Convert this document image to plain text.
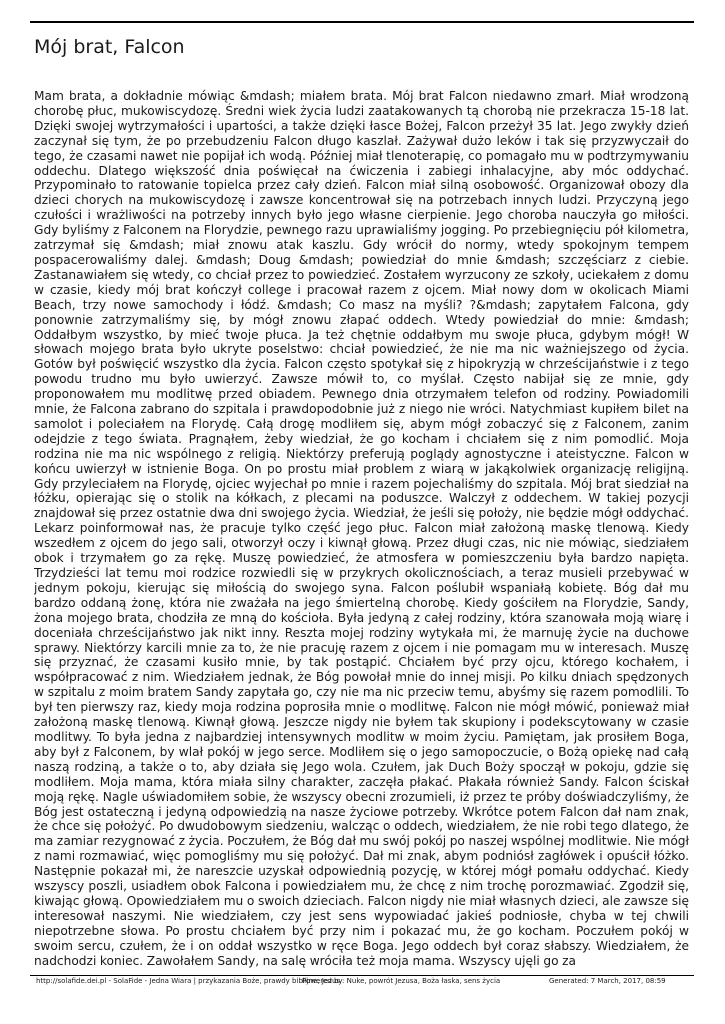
Mój brat, Falcon

Mam brata, a dokładnie mówiąc &mdash; miałem brata. Mój brat Falcon niedawno zmarł. Miał wrodzoną chorobę płuc, mukowiscydozę. Średni wiek życia ludzi zaatakowanych tą chorobą nie przekracza 15-18 lat. Dzięki swojej wytrzymałości i upartości, a także dzięki łasce Bożej, Falcon przeżył 35 lat. Jego zwykły dzień zaczynał się tym, że po przebudzeniu Falcon długo kaszlał. Zażywał dużo leków i tak się przyzwyczaił do tego, że czasami nawet nie popijał ich wodą. Później miał tlenoterapię, co pomagało mu w podtrzymywaniu oddechu. Dlatego większość dnia poświęcał na ćwiczenia i zabiegi inhalacyjne, aby móc oddychać. Przypominało to ratowanie topielca przez cały dzień. Falcon miał silną osobowość. Organizował obozy dla dzieci chorych na mukowiscydozę i zawsze koncentrował się na potrzebach innych ludzi. Przyczyną jego czułości i wrażliwości na potrzeby innych było jego własne cierpienie. Jego choroba nauczyła go miłości. Gdy byliśmy z Falconem na Florydzie, pewnego razu uprawialiśmy jogging. Po przebiegnięciu pół kilometra, zatrzymał się &mdash; miał znowu atak kaszlu. Gdy wrócił do normy, wtedy spokojnym tempem pospacerowaliśmy dalej. &mdash; Doug &mdash; powiedział do mnie &mdash; szczęściarz z ciebie. Zastanawiałem się wtedy, co chciał przez to powiedzieć. Zostałem wyrzucony ze szkoły, uciekałem z domu w czasie, kiedy mój brat kończył college i pracował razem z ojcem. Miał nowy dom w okolicach Miami Beach, trzy nowe samochody i łódź. &mdash; Co masz na myśli? ?&mdash; zapytałem Falcona, gdy ponownie zatrzymaliśmy się, by mógł znowu złapać oddech. Wtedy powiedział do mnie: &mdash; Oddałbym wszystko, by mieć twoje płuca. Ja też chętnie oddałbym mu swoje płuca, gdybym mógł! W słowach mojego brata było ukryte poselstwo: chciał powiedzieć, że nie ma nic ważniejszego od życia. Gotów był poświęcić wszystko dla życia. Falcon często spotykał się z hipokryzją w chrześcijaństwie i z tego powodu trudno mu było uwierzyć. Zawsze mówił to, co myślał. Często nabijał się ze mnie, gdy proponowałem mu modlitwę przed obiadem. Pewnego dnia otrzymałem telefon od rodziny. Powiadomili mnie, że Falcona zabrano do szpitala i prawdopodobnie już z niego nie wróci. Natychmiast kupiłem bilet na samolot i poleciałem na Florydę. Całą drogę modliłem się, abym mógł zobaczyć się z Falconem, zanim odejdzie z tego świata. Pragnąłem, żeby wiedział, że go kocham i chciałem się z nim pomodlić. Moja rodzina nie ma nic wspólnego z religią. Niektórzy preferują poglądy agnostyczne i ateistyczne. Falcon w końcu uwierzył w istnienie Boga. On po prostu miał problem z wiarą w jakąkolwiek organizację religijną. Gdy przyleciałem na Florydę, ojciec wyjechał po mnie i razem pojechaliśmy do szpitala. Mój brat siedział na łóżku, opierając się o stolik na kółkach, z plecami na poduszce. Walczył z oddechem. W takiej pozycji znajdował się przez ostatnie dwa dni swojego życia. Wiedział, że jeśli się położy, nie będzie mógł oddychać. Lekarz poinformował nas, że pracuje tylko część jego płuc. Falcon miał założoną maskę tlenową. Kiedy wszedłem z ojcem do jego sali, otworzył oczy i kiwnął głową. Przez długi czas, nic nie mówiąc, siedziałem obok i trzymałem go za rękę. Muszę powiedzieć, że atmosfera w pomieszczeniu była bardzo napięta. Trzydzieści lat temu moi rodzice rozwiedli się w przykrych okolicznościach, a teraz musieli przebywać w jednym pokoju, kierując się miłością do swojego syna. Falcon poślubił wspaniałą kobietę. Bóg dał mu bardzo oddaną żonę, która nie zważała na jego śmiertelną chorobę. Kiedy gościłem na Florydzie, Sandy, żona mojego brata, chodziła ze mną do kościoła. Była jedyną z całej rodziny, która szanowała moją wiarę i doceniała chrześcijaństwo jak nikt inny. Reszta mojej rodziny wytykała mi, że marnuję życie na duchowe sprawy. Niektórzy karcili mnie za to, że nie pracuję razem z ojcem i nie pomagam mu w interesach. Muszę się przyznać, że czasami kusiło mnie, by tak postąpić. Chciałem być przy ojcu, którego kochałem, i współpracować z nim. Wiedziałem jednak, że Bóg powołał mnie do innej misji. Po kilku dniach spędzonych w szpitalu z moim bratem Sandy zapytała go, czy nie ma nic przeciw temu, abyśmy się razem pomodlili. To był ten pierwszy raz, kiedy moja rodzina poprosiła mnie o modlitwę. Falcon nie mógł mówić, ponieważ miał założoną maskę tlenową. Kiwnął głową. Jeszcze nigdy nie byłem tak skupiony i podekscytowany w czasie modlitwy. To była jedna z najbardziej intensywnych modlitw w moim życiu. Pamiętam, jak prosiłem Boga, aby był z Falconem, by wlał pokój w jego serce. Modliłem się o jego samopoczucie, o Bożą opiekę nad całą naszą rodziną, a także o to, aby działa się Jego wola. Czułem, jak Duch Boży spoczął w pokoju, gdzie się modliłem. Moja mama, która miała silny charakter, zaczęła płakać. Płakała również Sandy. Falcon ściskał moją rękę. Nagle uświadomiłem sobie, że wszyscy obecni zrozumieli, iż przez te próby doświadczyliśmy, że Bóg jest ostateczną i jedyną odpowiedzią na nasze życiowe potrzeby. Wkrótce potem Falcon dał nam znak, że chce się położyć. Po dwudobowym siedzeniu, walcząc o oddech, wiedziałem, że nie robi tego dlatego, że ma zamiar rezygnować z życia. Poczułem, że Bóg dał mu swój pokój po naszej wspólnej modlitwie. Nie mógł z nami rozmawiać, więc pomogliśmy mu się położyć. Dał mi znak, abym podniósł zagłówek i opuścił łóżko. Następnie pokazał mi, że nareszcie uzyskał odpowiednią pozycję, w której mógł pomału oddychać. Kiedy wszyscy poszli, usiadłem obok Falcona i powiedziałem mu, że chcę z nim trochę porozmawiać. Zgodził się, kiwając głową. Opowiedziałem mu o swoich dzieciach. Falcon nigdy nie miał własnych dzieci, ale zawsze się interesował naszymi. Nie wiedziałem, czy jest sens wypowiadać jakieś podniosłe, chyba w tej chwili niepotrzebne słowa. Po prostu chciałem być przy nim i pokazać mu, że go kocham. Poczułem pokój w swoim sercu, czułem, że i on oddał wszystko w ręce Boga. Jego oddech był coraz słabszy. Wiedziałem, że nadchodzi koniec. Zawołałem Sandy, na salę wróciła też moja mama. Wszyscy ujęli go za

http://solafide.dei.pl - SolaFide - Jedna Wiara | przykazania Boże, prawdy biblijne, Jezus
Powered by: Nuke, powrót Jezusa, Boża łaska, sens życia	Generated: 7 March, 2017, 08:59
